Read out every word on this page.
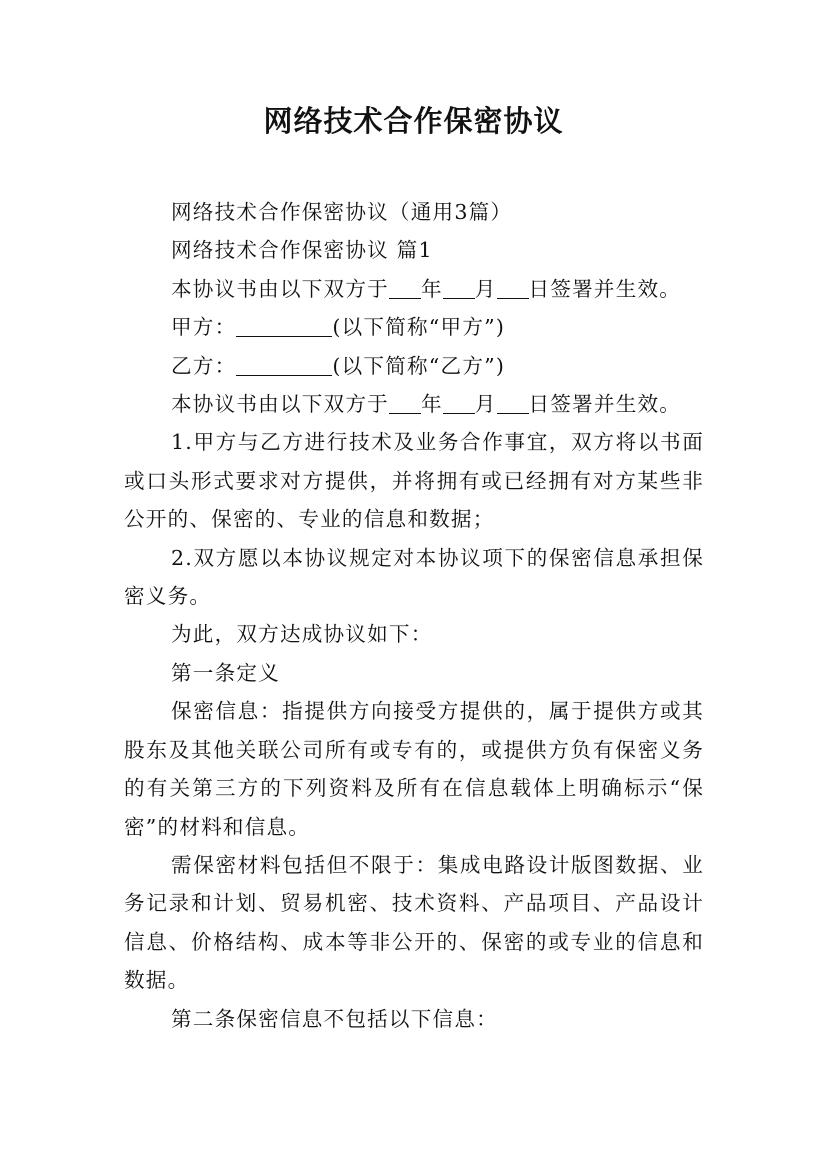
网络技术合作保密协议

网络技术合作保密协议（通用3篇）

网络技术合作保密协议 篇1

本协议书由以下双方于 年 月 日签署并生效。

甲方：	(以下简称“甲方”)

乙方：	(以下简称“乙方”)

本协议书由以下双方于 年 月 日签署并生效。

1.甲方与乙方进行技术及业务合作事宜，双方将以书面或口头形式要求对方提供，并将拥有或已经拥有对方某些非公开的、保密的、专业的信息和数据；

2.双方愿以本协议规定对本协议项下的保密信息承担保密义务。

为此，双方达成协议如下：

第一条定义

保密信息：指提供方向接受方提供的，属于提供方或其股东及其他关联公司所有或专有的，或提供方负有保密义务的有关第三方的下列资料及所有在信息载体上明确标示“保密”的材料和信息。

需保密材料包括但不限于：集成电路设计版图数据、业务记录和计划、贸易机密、技术资料、产品项目、产品设计信息、价格结构、成本等非公开的、保密的或专业的信息和数据。

第二条保密信息不包括以下信息：
